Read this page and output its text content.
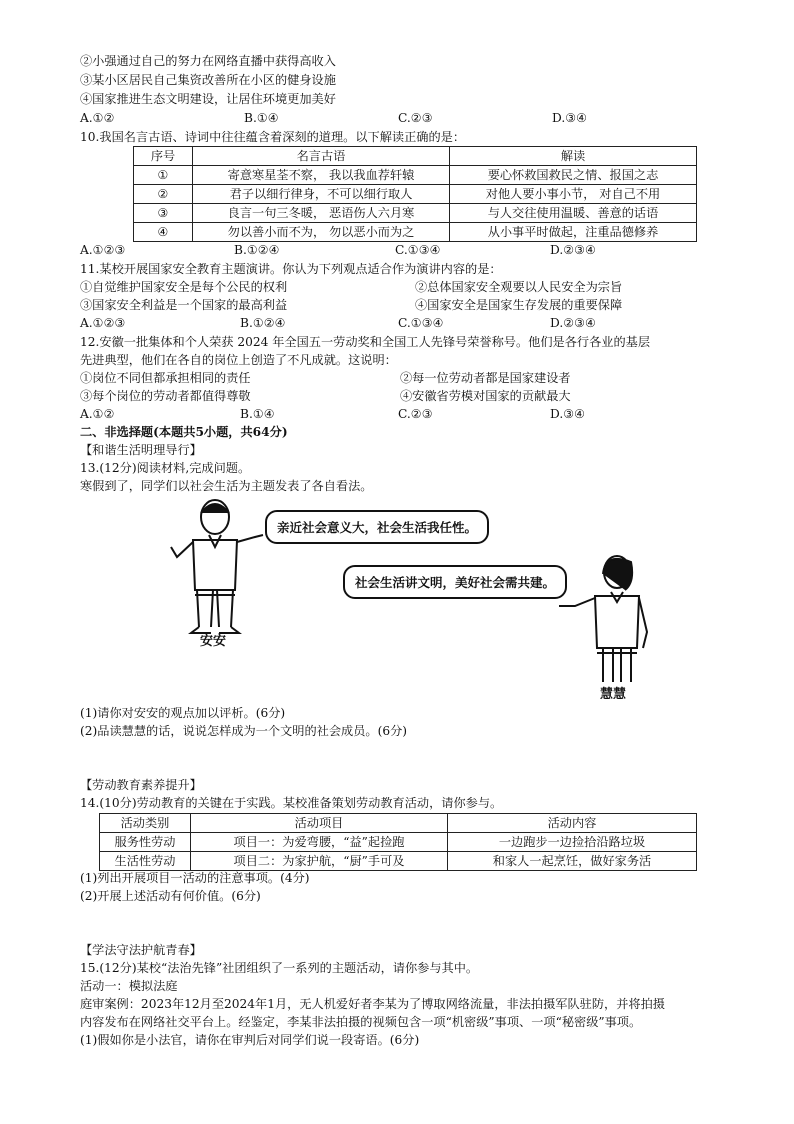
②小强通过自己的努力在网络直播中获得高收入
③某小区居民自己集资改善所在小区的健身设施
④国家推进生态文明建设，让居住环境更加美好
A.①②	B.①④	C.②③	D.③④
10.我国名言古语、诗词中往往蕴含着深刻的道理。以下解读正确的是：
序号	名言古语	解读
①	寄意寒星荃不察， 我以我血荐轩辕	要心怀救国救民之情、报国之志
②	君子以细行律身，不可以细行取人	对他人要小事小节， 对自己不用
③	良言一句三冬暖， 恶语伤人六月寒	与人交往使用温暖、善意的话语
④	勿以善小而不为， 勿以恶小而为之	从小事平时做起，注重品德修养
A.①②③	B.①②④	C.①③④	D.②③④
11.某校开展国家安全教育主题演讲。你认为下列观点适合作为演讲内容的是：
①自觉维护国家安全是每个公民的权利	②总体国家安全观要以人民安全为宗旨
③国家安全利益是一个国家的最高利益	④国家安全是国家生存发展的重要保障
A.①②③	B.①②④	C.①③④	D.②③④
12.安徽一批集体和个人荣获 2024 年全国五一劳动奖和全国工人先锋号荣誉称号。他们是各行各业的基层
先进典型，他们在各自的岗位上创造了不凡成就。这说明：
①岗位不同但都承担相同的责任	②每一位劳动者都是国家建设者
③每个岗位的劳动者都值得尊敬	④安徽省劳模对国家的贡献最大
A.①②	B.①④	C.②③	D.③④
二、非选择题(本题共5小题，共64分)
【和谐生活明理导行】
13.(12分)阅读材料,完成问题。
寒假到了，同学们以社会生活为主题发表了各自看法。
亲近社会意义大，社会生活我任性。
安安
社会生活讲文明，美好社会需共建。
慧慧
(1)请你对安安的观点加以评析。(6分)
(2)品读慧慧的话，说说怎样成为一个文明的社会成员。(6分)
【劳动教育素养提升】
14.(10分)劳动教育的关键在于实践。某校准备策划劳动教育活动，请你参与。
活动类别	活动项目	活动内容
服务性劳动	项目一：为爱弯腰，“益”起捡跑	一边跑步一边捡拾沿路垃圾
生活性劳动	项目二：为家护航，“厨”手可及	和家人一起烹饪，做好家务活
(1)列出开展项目一活动的注意事项。(4分)
(2)开展上述活动有何价值。(6分)
【学法守法护航青春】
15.(12分)某校“法治先锋”社团组织了一系列的主题活动，请你参与其中。
活动一：模拟法庭
庭审案例：2023年12月至2024年1月，无人机爱好者李某为了博取网络流量，非法拍摄军队驻防，并将拍摄
内容发布在网络社交平台上。经鉴定，李某非法拍摄的视频包含一项“机密级”事项、一项“秘密级”事项。
(1)假如你是小法官，请你在审判后对同学们说一段寄语。(6分)
